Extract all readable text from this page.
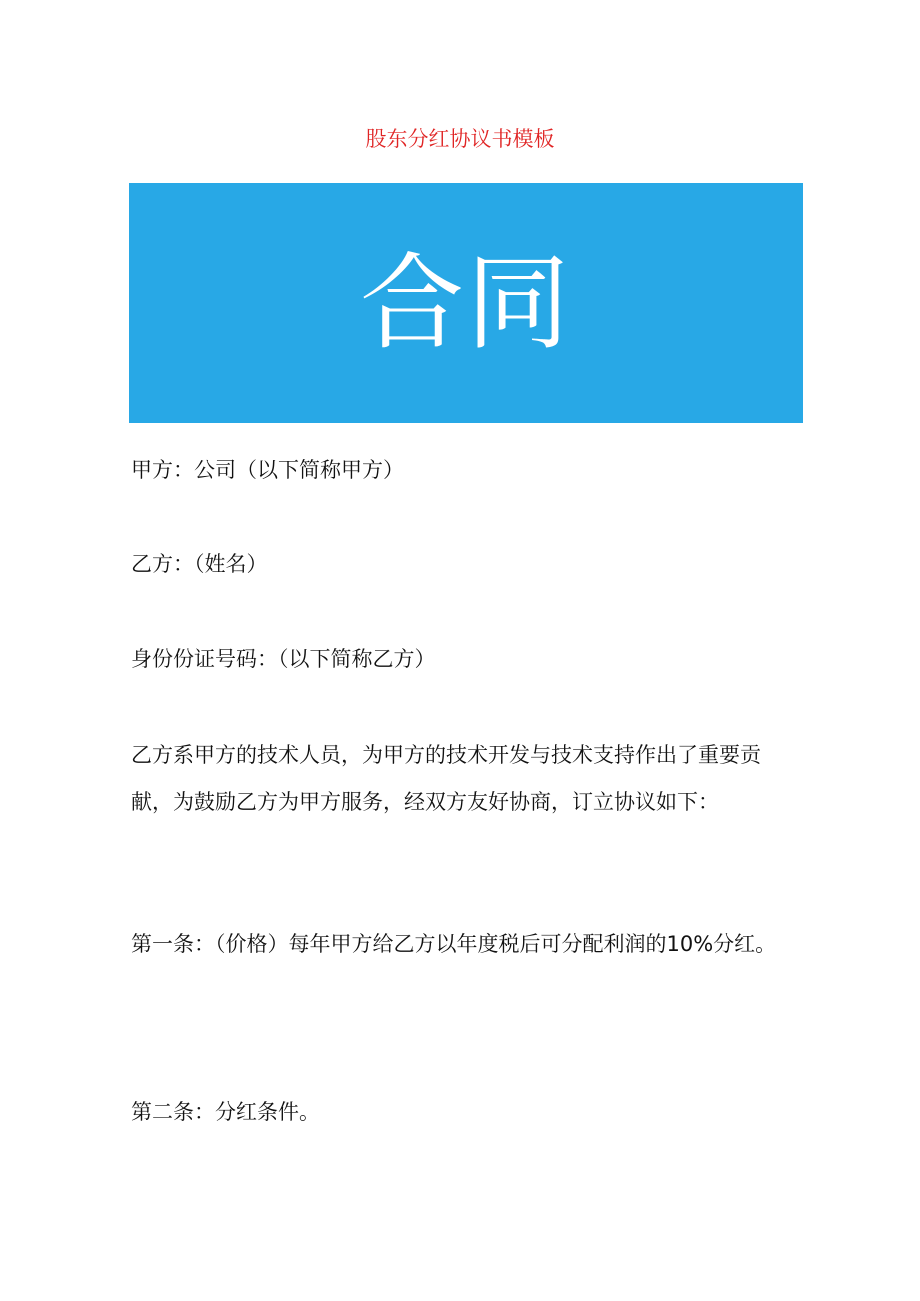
股东分红协议书模板
合同

甲方：公司（以下简称甲方）

乙方：（姓名）

身份份证号码：（以下简称乙方）

乙方系甲方的技术人员，为甲方的技术开发与技术支持作出了重要贡献，为鼓励乙方为甲方服务，经双方友好协商，订立协议如下：

第一条：（价格）每年甲方给乙方以年度税后可分配利润的10%分红。

第二条：分红条件。
